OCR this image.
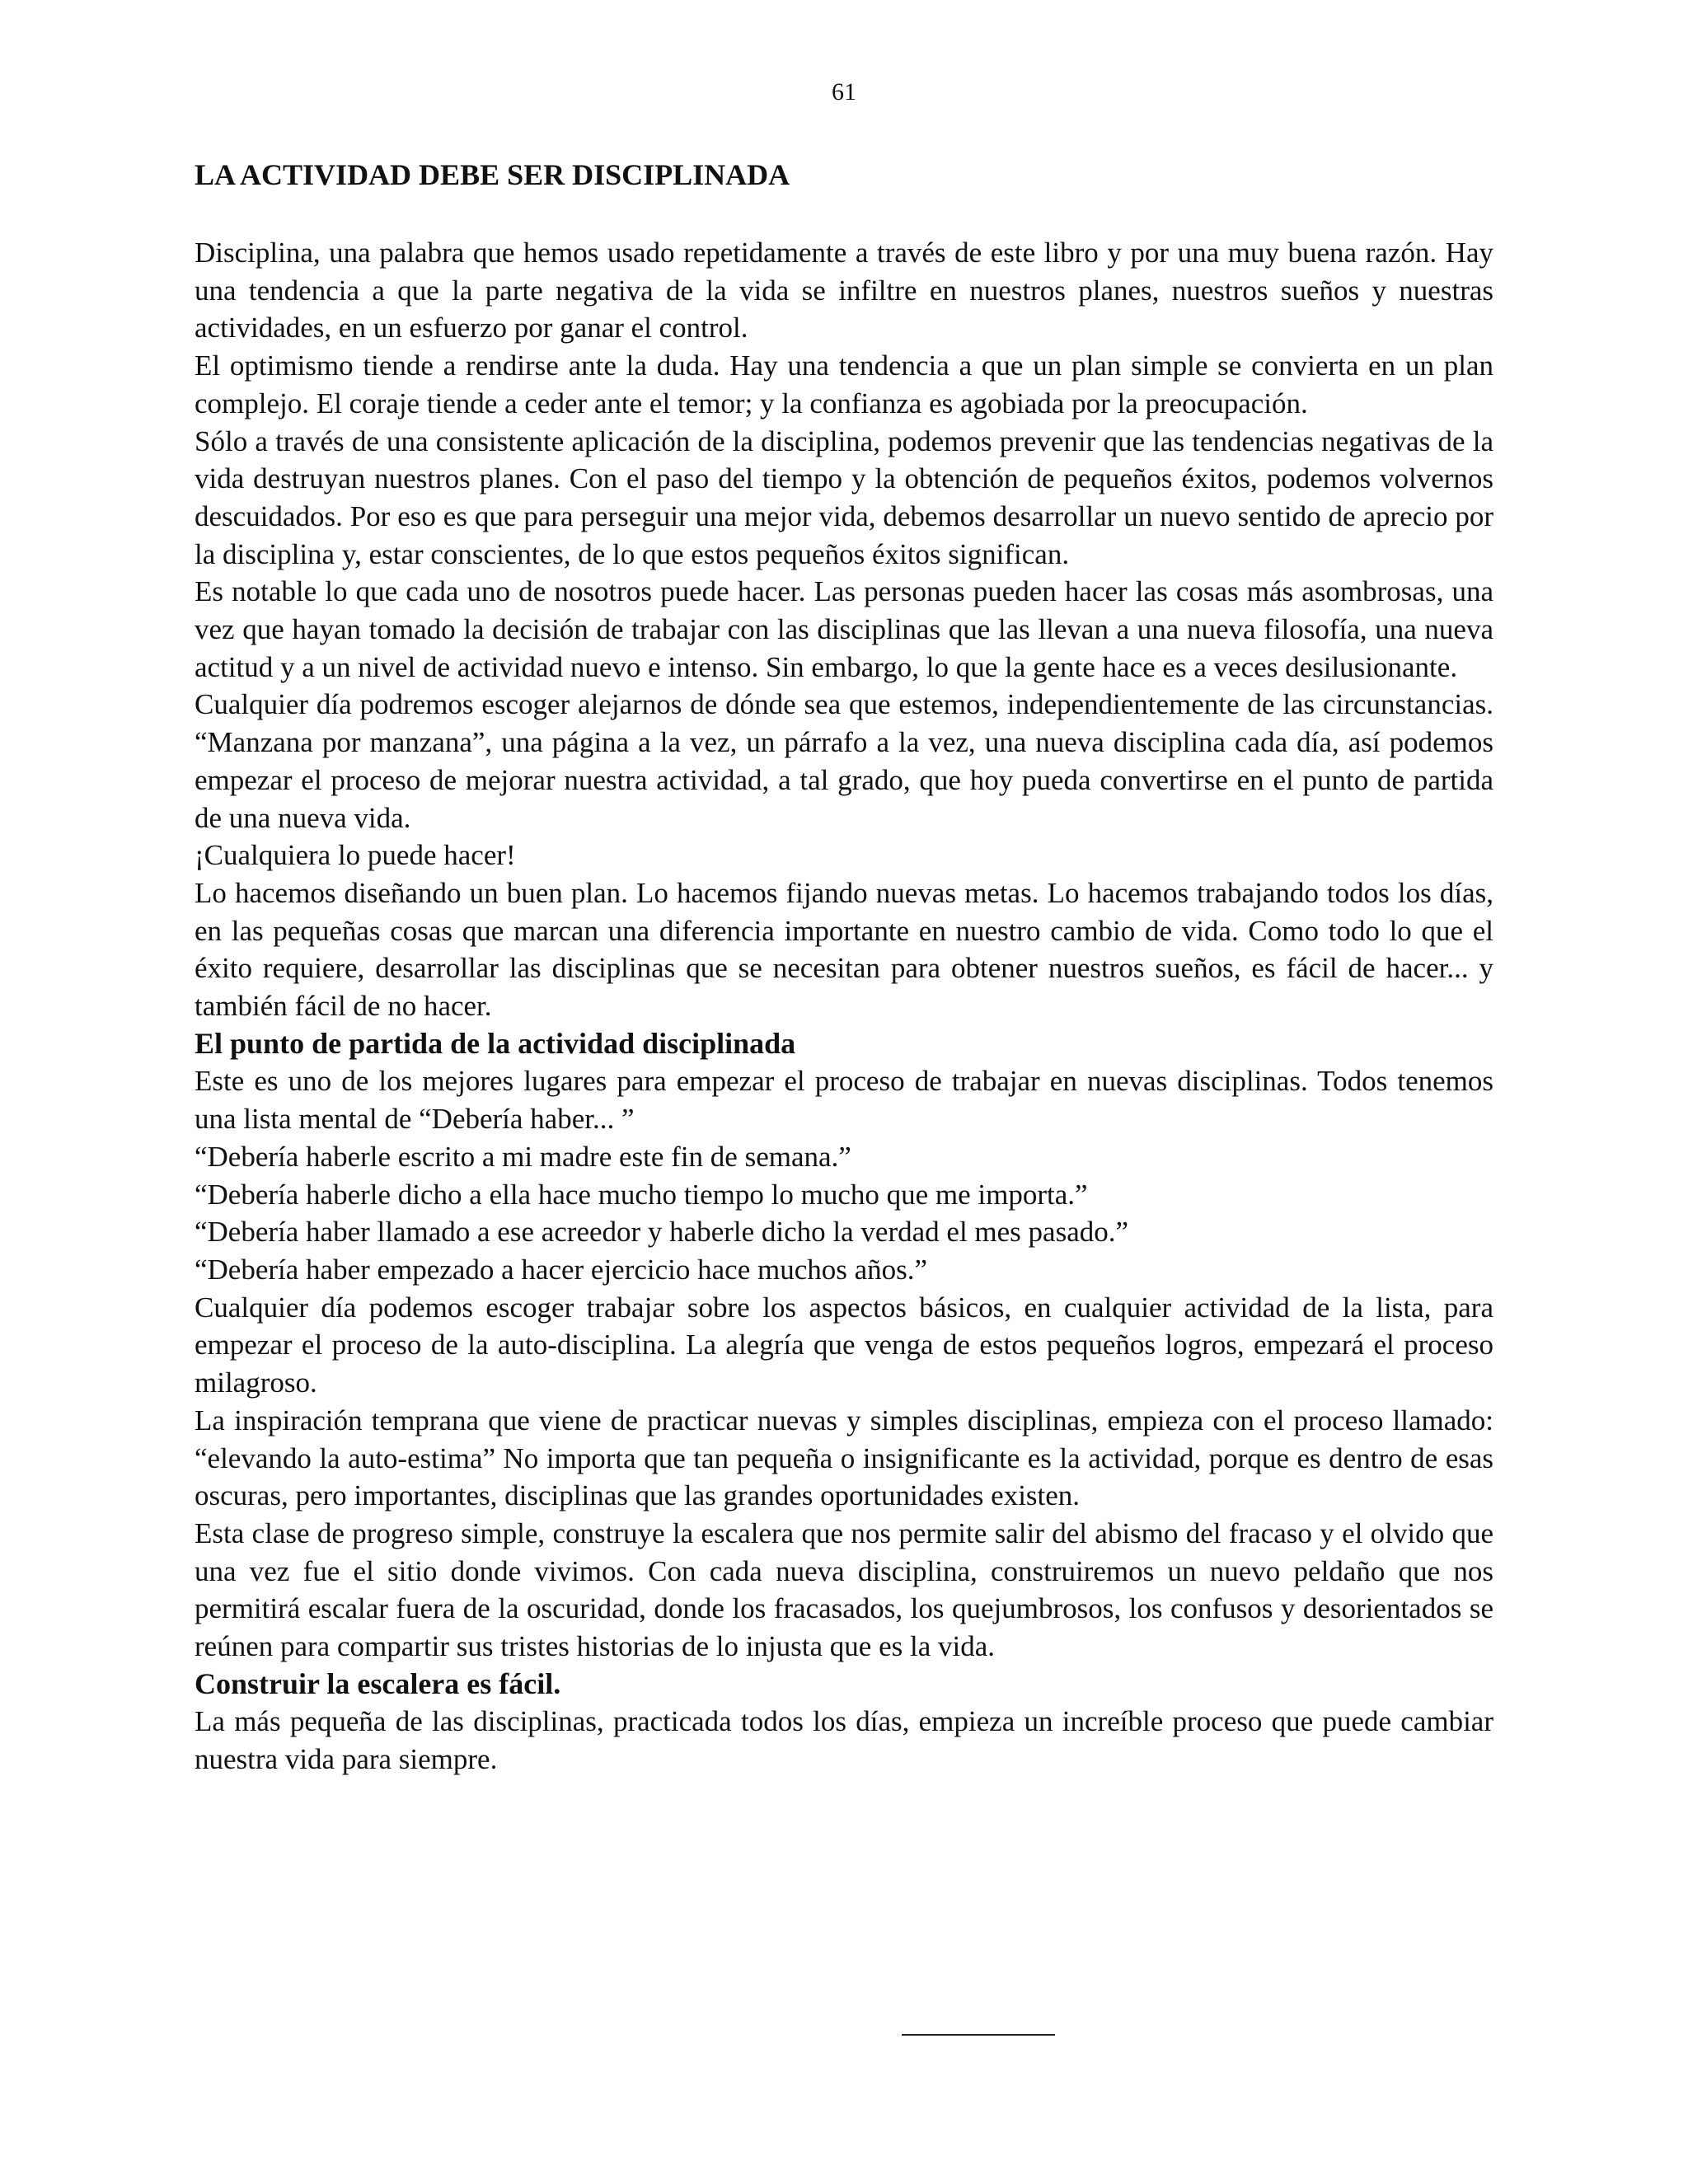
61
LA ACTIVIDAD DEBE SER DISCIPLINADA

Disciplina, una palabra que hemos usado repetidamente a través de este libro y por una muy buena razón. Hay una tendencia a que la parte negativa de la vida se infiltre en nuestros planes, nuestros sueños y nuestras actividades, en un esfuerzo por ganar el control.

El optimismo tiende a rendirse ante la duda. Hay una tendencia a que un plan simple se convierta en un plan complejo. El coraje tiende a ceder ante el temor; y la confianza es agobiada por la preocupación.

Sólo a través de una consistente aplicación de la disciplina, podemos prevenir que las tendencias negativas de la vida destruyan nuestros planes. Con el paso del tiempo y la obtención de pequeños éxitos, podemos volvernos descuidados. Por eso es que para perseguir una mejor vida, debemos desarrollar un nuevo sentido de aprecio por la disciplina y, estar conscientes, de lo que estos pequeños éxitos significan.

Es notable lo que cada uno de nosotros puede hacer. Las personas pueden hacer las cosas más asombrosas, una vez que hayan tomado la decisión de trabajar con las disciplinas que las llevan a una nueva filosofía, una nueva actitud y a un nivel de actividad nuevo e intenso. Sin embargo, lo que la gente hace es a veces desilusionante.

Cualquier día podremos escoger alejarnos de dónde sea que estemos, independientemente de las circunstancias. “Manzana por manzana”, una página a la vez, un párrafo a la vez, una nueva disciplina cada día, así podemos empezar el proceso de mejorar nuestra actividad, a tal grado, que hoy pueda convertirse en el punto de partida de una nueva vida.

¡Cualquiera lo puede hacer!

Lo hacemos diseñando un buen plan. Lo hacemos fijando nuevas metas. Lo hacemos trabajando todos los días, en las pequeñas cosas que marcan una diferencia importante en nuestro cambio de vida. Como todo lo que el éxito requiere, desarrollar las disciplinas que se necesitan para obtener nuestros sueños, es fácil de hacer... y también fácil de no hacer.

El punto de partida de la actividad disciplinada

Este es uno de los mejores lugares para empezar el proceso de trabajar en nuevas disciplinas. Todos tenemos una lista mental de “Debería haber... ”

“Debería haberle escrito a mi madre este fin de semana.”

“Debería haberle dicho a ella hace mucho tiempo lo mucho que me importa.”

“Debería haber llamado a ese acreedor y haberle dicho la verdad el mes pasado.”

“Debería haber empezado a hacer ejercicio hace muchos años.”

Cualquier día podemos escoger trabajar sobre los aspectos básicos, en cualquier actividad de la lista, para empezar el proceso de la auto-disciplina. La alegría que venga de estos pequeños logros, empezará el proceso milagroso.

La inspiración temprana que viene de practicar nuevas y simples disciplinas, empieza con el proceso llamado: “elevando la auto-estima” No importa que tan pequeña o insignificante es la actividad, porque es dentro de esas oscuras, pero importantes, disciplinas que las grandes oportunidades existen.

Esta clase de progreso simple, construye la escalera que nos permite salir del abismo del fracaso y el olvido que una vez fue el sitio donde vivimos. Con cada nueva disciplina, construiremos un nuevo peldaño que nos permitirá escalar fuera de la oscuridad, donde los fracasados, los quejumbrosos, los confusos y desorientados se reúnen para compartir sus tristes historias de lo injusta que es la vida.

Construir la escalera es fácil.

La más pequeña de las disciplinas, practicada todos los días, empieza un increíble proceso que puede cambiar nuestra vida para siempre.
